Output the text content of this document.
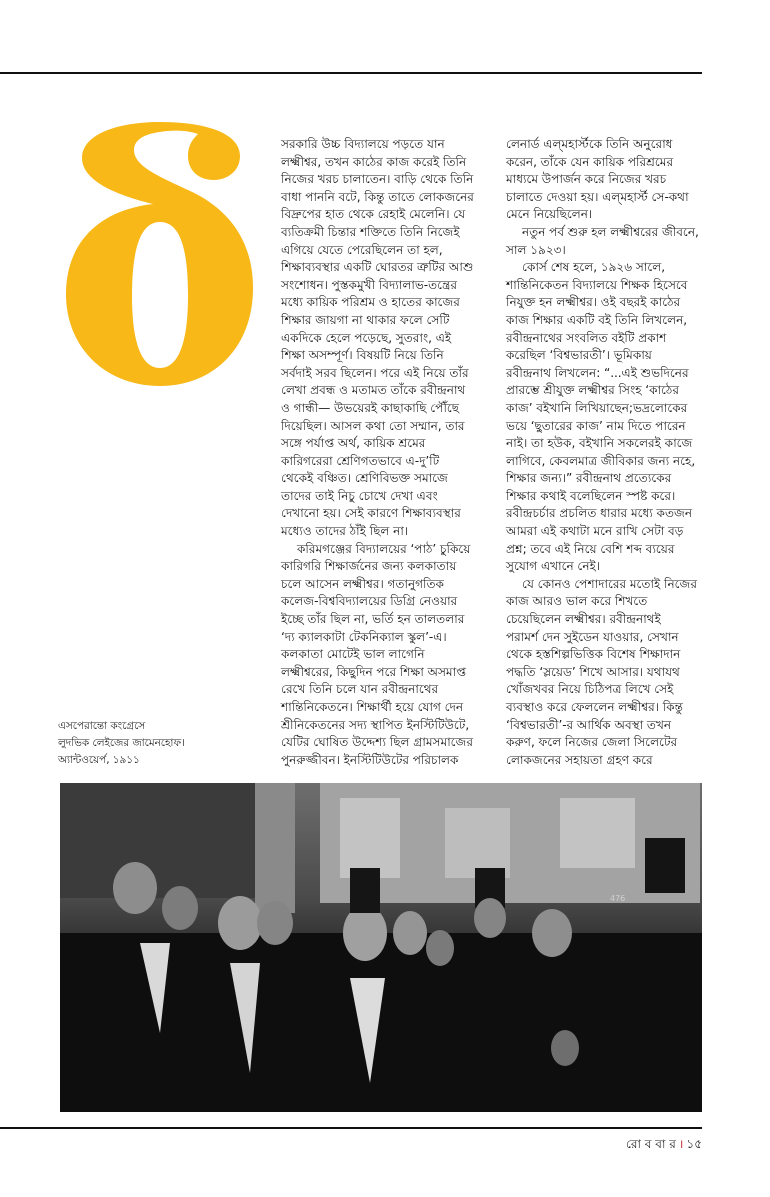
সরকারি উচ্চ বিদ্যালয়ে পড়তে যান

লক্ষ্মীশ্বর, তখন কাঠের কাজ করেই তিনি

নিজের খরচ চালাতেন। বাড়ি থেকে তিনি

বাধা পাননি বটে, কিন্তু তাতে লোকজনের

বিদ্রুপের হাত থেকে রেহাই মেলেনি। যে

ব্যতিক্রমী চিন্তার শক্তিতে তিনি নিজেই

এগিয়ে যেতে পেরেছিলেন তা হল,

শিক্ষাব্যবস্থার একটি ঘোরতর ত্রুটির আশু

সংশোধন। পুস্তকমুখী বিদ্যালাভ-তন্ত্রের

মধ্যে কায়িক পরিশ্রম ও হাতের কাজের

শিক্ষার জায়গা না থাকার ফলে সেটি

একদিকে হেলে পড়েছে, সুতরাং, এই

শিক্ষা অসম্পূর্ণ। বিষয়টি নিয়ে তিনি

সর্বদাই সরব ছিলেন। পরে এই নিয়ে তাঁর

লেখা প্রবন্ধ ও মতামত তাঁকে রবীন্দ্রনাথ

ও গান্ধী— উভয়েরই কাছাকাছি পৌঁছে

দিয়েছিল। আসল কথা তো সম্মান, তার

সঙ্গে পর্যাপ্ত অর্থ, কায়িক শ্রমের

কারিগরেরা শ্রেণিগতভাবে এ-দু’টি

থেকেই বঞ্চিত। শ্রেণিবিভক্ত সমাজে

তাদের তাই নিচু চোখে দেখা এবং

দেখানো হয়। সেই কারণে শিক্ষাব্যবস্থার

মধ্যেও তাদের ঠাঁই ছিল না।

করিমগঞ্জের বিদ্যালয়ের ‘পাঠ’ চুকিয়ে

কারিগরি শিক্ষার্জনের জন্য কলকাতায়

চলে আসেন লক্ষ্মীশ্বর। গতানুগতিক

কলেজ-বিশ্ববিদ্যালয়ের ডিগ্রি নেওয়ার

ইচ্ছে তাঁর ছিল না, ভর্তি হন তালতলার

‘দ্য ক্যালকাটা টেকনিক্যাল স্কুল’-এ।

কলকাতা মোটেই ভাল লাগেনি

লক্ষ্মীশ্বরের, কিছুদিন পরে শিক্ষা অসমাপ্ত

রেখে তিনি চলে যান রবীন্দ্রনাথের

শান্তিনিকেতনে। শিক্ষার্থী হয়ে যোগ দেন

শ্রীনিকেতনের সদ্য স্থাপিত ইনস্টিটিউটে,

যেটির ঘোষিত উদ্দেশ্য ছিল গ্রামসমাজের

পুনরুজ্জীবন। ইনস্টিটিউটের পরিচালক

লেনার্ড এল্‌মহার্স্টকে তিনি অনুরোধ

করেন, তাঁকে যেন কায়িক পরিশ্রমের

মাধ্যমে উপার্জন করে নিজের খরচ

চালাতে দেওয়া হয়। এল্‌মহার্স্ট সে-কথা

মেনে নিয়েছিলেন।

নতুন পর্ব শুরু হল লক্ষ্মীশ্বরের জীবনে,

সাল ১৯২৩।

কোর্স শেষ হলে, ১৯২৬ সালে,

শান্তিনিকেতন বিদ্যালয়ে শিক্ষক হিসেবে

নিযুক্ত হন লক্ষ্মীশ্বর। ওই বছরই কাঠের

কাজ শিক্ষার একটি বই তিনি লিখলেন,

রবীন্দ্রনাথের সংবলিত বইটি প্রকাশ

করেছিল ‘বিশ্বভারতী’। ভূমিকায়

রবীন্দ্রনাথ লিখলেন: “...এই শুভদিনের

প্রারম্ভে শ্রীযুক্ত লক্ষ্মীশ্বর সিংহ ‘কাঠের

কাজ’ বইখানি লিখিয়াছেন;ভদ্রলোকের

ভয়ে ‘ছুতারের কাজ’ নাম দিতে পারেন

নাই। তা হউক, বইখানি সকলেরই কাজে

লাগিবে, কেবলমাত্র জীবিকার জন্য নহে,

শিক্ষার জন্য।” রবীন্দ্রনাথ প্রত্যেকের

শিক্ষার কথাই বলেছিলেন স্পষ্ট করে।

রবীন্দ্রচর্চার প্রচলিত ধারার মধ্যে কতজন

আমরা এই কথাটা মনে রাখি সেটা বড়

প্রশ্ন; তবে এই নিয়ে বেশি শব্দ ব্যয়ের

সুযোগ এখানে নেই।

যে কোনও পেশাদারের মতোই নিজের

কাজ আরও ভাল করে শিখতে

চেয়েছিলেন লক্ষ্মীশ্বর। রবীন্দ্রনাথই

পরামর্শ দেন সুইডেন যাওয়ার, সেখান

থেকে হস্তশিল্পভিত্তিক বিশেষ শিক্ষাদান

পদ্ধতি ‘স্লয়েড’ শিখে আসার। যথাযথ

খোঁজখবর নিয়ে চিঠিপত্র লিখে সেই

ব্যবস্থাও করে ফেললেন লক্ষ্মীশ্বর। কিন্তু

‘বিশ্বভারতী’-র আর্থিক অবস্থা তখন

করুণ, ফলে নিজের জেলা সিলেটের

লোকজনের সহায়তা গ্রহণ করে

এসপেরান্তো কংগ্রেসে
লুদভিক লেইজের জামেনহোফ।
অ্যান্টওয়ের্প, ১৯১১
476
রো ব বা র । ১৫
